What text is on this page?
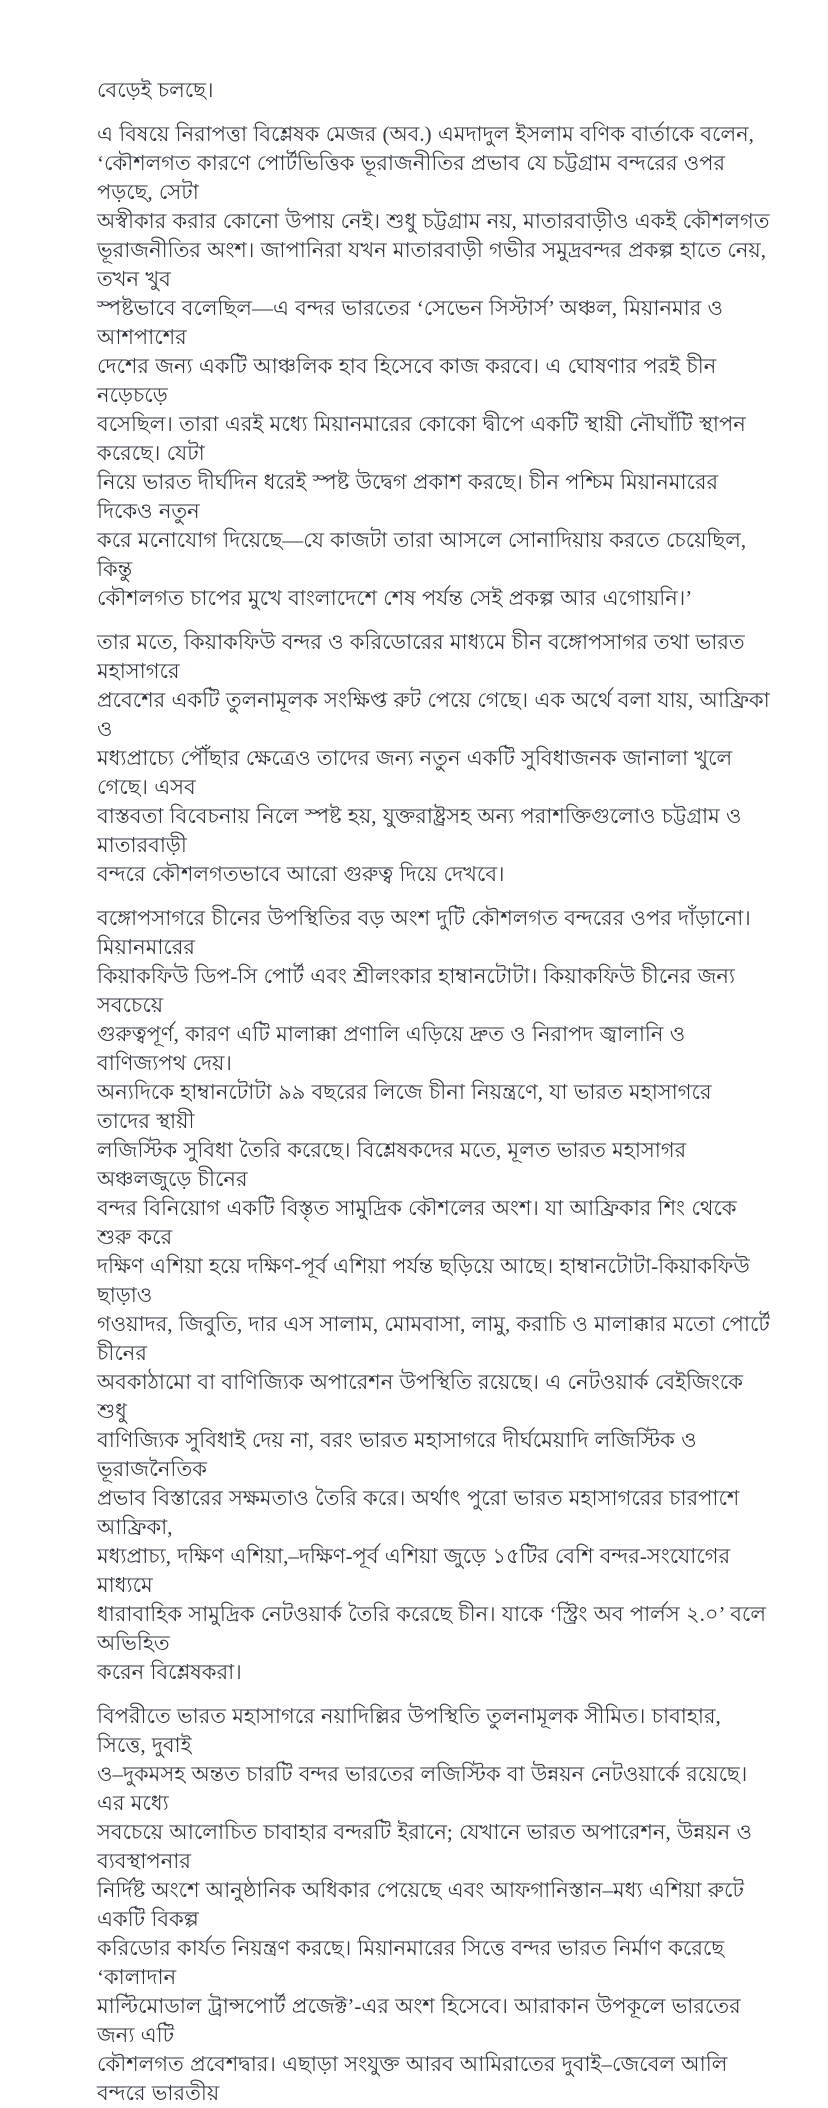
বেড়েই চলছে।
এ বিষয়ে নিরাপত্তা বিশ্লেষক মেজর (অব.) এমদাদুল ইসলাম বণিক বার্তাকে বলেন,
‘কৌশলগত কারণে পোর্টভিত্তিক ভূরাজনীতির প্রভাব যে চট্টগ্রাম বন্দরের ওপর পড়ছে, সেটা
অস্বীকার করার কোনো উপায় নেই। শুধু চট্টগ্রাম নয়, মাতারবাড়ীও একই কৌশলগত
ভূরাজনীতির অংশ। জাপানিরা যখন মাতারবাড়ী গভীর সমুদ্রবন্দর প্রকল্প হাতে নেয়, তখন খুব
স্পষ্টভাবে বলেছিল—এ বন্দর ভারতের ‘সেভেন সিস্টার্স’ অঞ্চল, মিয়ানমার ও আশপাশের
দেশের জন্য একটি আঞ্চলিক হাব হিসেবে কাজ করবে। এ ঘোষণার পরই চীন নড়েচড়ে
বসেছিল। তারা এরই মধ্যে মিয়ানমারের কোকো দ্বীপে একটি স্থায়ী নৌঘাঁটি স্থাপন করেছে। যেটা
নিয়ে ভারত দীর্ঘদিন ধরেই স্পষ্ট উদ্বেগ প্রকাশ করছে। চীন পশ্চিম মিয়ানমারের দিকেও নতুন
করে মনোযোগ দিয়েছে—যে কাজটা তারা আসলে সোনাদিয়ায় করতে চেয়েছিল, কিন্তু
কৌশলগত চাপের মুখে বাংলাদেশে শেষ পর্যন্ত সেই প্রকল্প আর এগোয়নি।’
তার মতে, কিয়াকফিউ বন্দর ও করিডোরের মাধ্যমে চীন বঙ্গোপসাগর তথা ভারত মহাসাগরে
প্রবেশের একটি তুলনামূলক সংক্ষিপ্ত রুট পেয়ে গেছে। এক অর্থে বলা যায়, আফ্রিকা ও
মধ্যপ্রাচ্যে পৌঁছার ক্ষেত্রেও তাদের জন্য নতুন একটি সুবিধাজনক জানালা খুলে গেছে। এসব
বাস্তবতা বিবেচনায় নিলে স্পষ্ট হয়, যুক্তরাষ্ট্রসহ অন্য পরাশক্তিগুলোও চট্টগ্রাম ও মাতারবাড়ী
বন্দরে কৌশলগতভাবে আরো গুরুত্ব দিয়ে দেখবে।
বঙ্গোপসাগরে চীনের উপস্থিতির বড় অংশ দুটি কৌশলগত বন্দরের ওপর দাঁড়ানো। মিয়ানমারের
কিয়াকফিউ ডিপ-সি পোর্ট এবং শ্রীলংকার হাম্বানটোটা। কিয়াকফিউ চীনের জন্য সবচেয়ে
গুরুত্বপূর্ণ, কারণ এটি মালাক্কা প্রণালি এড়িয়ে দ্রুত ও নিরাপদ জ্বালানি ও বাণিজ্যপথ দেয়।
অন্যদিকে হাম্বানটোটা ৯৯ বছরের লিজে চীনা নিয়ন্ত্রণে, যা ভারত মহাসাগরে তাদের স্থায়ী
লজিস্টিক সুবিধা তৈরি করেছে। বিশ্লেষকদের মতে, মূলত ভারত মহাসাগর অঞ্চলজুড়ে চীনের
বন্দর বিনিয়োগ একটি বিস্তৃত সামুদ্রিক কৌশলের অংশ। যা আফ্রিকার শিং থেকে শুরু করে
দক্ষিণ এশিয়া হয়ে দক্ষিণ-পূর্ব এশিয়া পর্যন্ত ছড়িয়ে আছে। হাম্বানটোটা-কিয়াকফিউ ছাড়াও
গওয়াদর, জিবুতি, দার এস সালাম, মোমবাসা, লামু, করাচি ও মালাক্কার মতো পোর্টে চীনের
অবকাঠামো বা বাণিজ্যিক অপারেশন উপস্থিতি রয়েছে। এ নেটওয়ার্ক বেইজিংকে শুধু
বাণিজ্যিক সুবিধাই দেয় না, বরং ভারত মহাসাগরে দীর্ঘমেয়াদি লজিস্টিক ও ভূরাজনৈতিক
প্রভাব বিস্তারের সক্ষমতাও তৈরি করে। অর্থাৎ পুরো ভারত মহাসাগরের চারপাশে আফ্রিকা,
মধ্যপ্রাচ্য, দক্ষিণ এশিয়া,–দক্ষিণ-পূর্ব এশিয়া জুড়ে ১৫টির বেশি বন্দর-সংযোগের মাধ্যমে
ধারাবাহিক সামুদ্রিক নেটওয়ার্ক তৈরি করেছে চীন। যাকে ‘স্ট্রিং অব পার্লস ২.০’ বলে অভিহিত
করেন বিশ্লেষকরা।
বিপরীতে ভারত মহাসাগরে নয়াদিল্লির উপস্থিতি তুলনামূলক সীমিত। চাবাহার, সিত্তে, দুবাই
ও–দুকমসহ অন্তত চারটি বন্দর ভারতের লজিস্টিক বা উন্নয়ন নেটওয়ার্কে রয়েছে। এর মধ্যে
সবচেয়ে আলোচিত চাবাহার বন্দরটি ইরানে; যেখানে ভারত অপারেশন, উন্নয়ন ও ব্যবস্থাপনার
নির্দিষ্ট অংশে আনুষ্ঠানিক অধিকার পেয়েছে এবং আফগানিস্তান–মধ্য এশিয়া রুটে একটি বিকল্প
করিডোর কার্যত নিয়ন্ত্রণ করছে। মিয়ানমারের সিত্তে বন্দর ভারত নির্মাণ করেছে ‘কালাদান
মাল্টিমোডাল ট্রান্সপোর্ট প্রজেক্ট’-এর অংশ হিসেবে। আরাকান উপকূলে ভারতের জন্য এটি
কৌশলগত প্রবেশদ্বার। এছাড়া সংযুক্ত আরব আমিরাতের দুবাই–জেবেল আলি বন্দরে ভারতীয়
